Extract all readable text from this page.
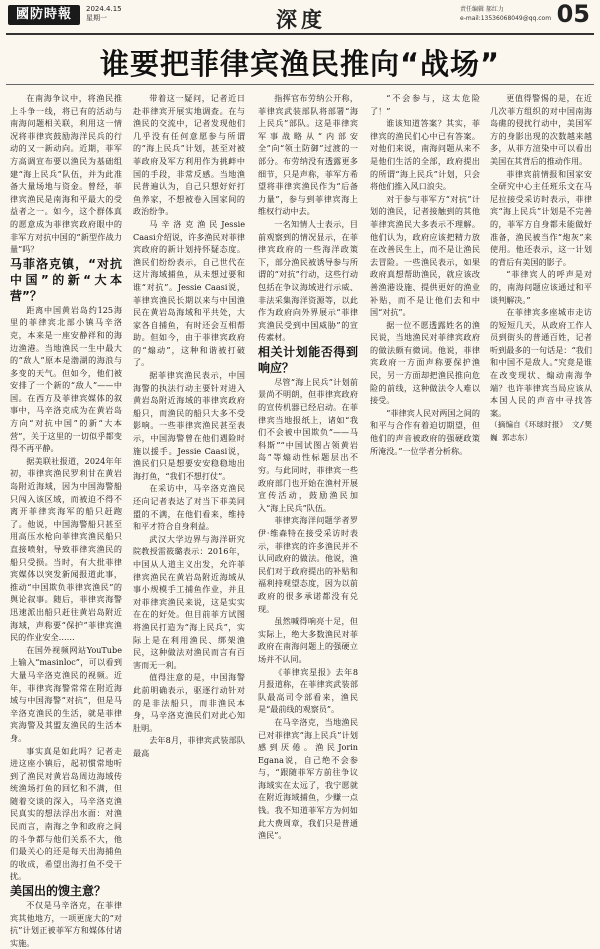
國防時報	2024.4.15
星期一	深度	责任编辑 郝红力
e-mail:13536068049@qq.com 05
谁要把菲律宾渔民推向“战场”

在南海争议中，将渔民推上斗争一线，将已有的活动与南海问题相关联，利用这一情况将菲律宾鼓励海洋民兵的行动的又一新动向。近期，菲军方高调宣布要以渔民为基础组建“海上民兵”队伍，并为此准备大量场地与资金。曾经，菲律宾渔民是南海和平最大的受益者之一。如今，这个群体真的愿意成为菲律宾政府眼中的非军方对抗中国的“新型作战力量”吗？

马菲洛克镇，“对抗中国”的新“大本营”？

距离中国黄岩岛约125海里的菲律宾北部小镇马辛洛克，本来是一座安静祥和的海边渔港。当地渔民一生中最大的“敌人”原本是渤湖的海浪与多变的天气。但如今，他们被安排了一个新的“敌人”——中国。在西方及菲律宾媒体的叙事中，马辛洛克成为在黄岩岛方向“对抗中国”的新“大本营”，关于这里的一切似乎都变得不再平静。

据美联社报道，2024年年初，菲律宾渔民罗利甘在黄岩岛附近海域，因为中国海警船只闯入该区域，而被迫不得不离开菲律宾海军的船只赶跑了。他说，中国海警船只甚至用高压水枪向菲律宾渔民船只直接喷射，导致菲律宾渔民的船只受损。当时，有大批菲律宾媒体以突发新闻报道此事，推动“中国欺负菲律宾渔民”的舆论叙事。随后，菲律宾海警迅速派出船只赶往黄岩岛附近海域，声称要“保护”菲律宾渔民的作业安全……

在国外视频网站YouTube上输入“masinloc”，可以看到大量马辛洛克渔民的视频。近年，菲律宾海警常常在附近海域与中国海警“对抗”，但是马辛洛克渔民的生活，就是菲律宾海警及其盟友渔民的生活本身。

事实真是如此吗？记者走进这座小镇后，起初惯常地听到了渔民对黄岩岛周边海域传统渔场打鱼的回忆和不满，但随着交谈的深入，马辛洛克渔民真实的想法浮出水面：对渔民而言，南海之争和政府之间的斗争都与他们关系不大，他们最关心的还是每天出海捕鱼的收成，希望出海打鱼不受干扰。

美国出的馊主意？

不仅是马辛洛克，在菲律宾其他地方，一项更庞大的“对抗”计划正被菲军方和媒体付诸实施。

带着这一疑问，记者近日赴菲律宾开展实地调查。在与渔民的交流中，记者发现他们几乎没有任何意愿参与所谓的“海上民兵”计划，甚至对被菲政府及军方利用作为挑衅中国的手段，非常反感。当地渔民普遍认为，自己只想好好打鱼养家，不想被卷入国家间的政治纷争。

马辛洛克渔民Jessie Caasi介绍说，许多渔民对菲律宾政府的新计划持怀疑态度。渔民们纷纷表示，自己世代在这片海域捕鱼，从未想过要和谁“对抗”。Jessie Caasi说，菲律宾渔民长期以来与中国渔民在黄岩岛海域和平共处，大家各自捕鱼，有时还会互相帮助。但如今，由于菲律宾政府的“煽动”，这种和谐被打破了。

据菲律宾渔民表示，中国海警的执法行动主要针对进入黄岩岛附近海域的菲律宾政府船只，而渔民的船只大多不受影响。一些菲律宾渔民甚至表示，中国海警曾在他们遇险时施以援手。Jessie Caasi说，渔民们只是想要安安稳稳地出海打鱼，“我们不想打仗”。

在采访中，马辛洛克渔民还向记者表达了对当下菲美同盟的不满，在他们看来，维持和平才符合自身利益。

武汉大学边界与海洋研究院教授雷筱璐表示：2016年，中国从人道主义出发，允许菲律宾渔民在黄岩岛附近海域从事小规模手工捕鱼作业，并且对菲律宾渔民来说，这是实实在在的好处。但目前菲方试图将渔民打造为“海上民兵”，实际上是在利用渔民、绑架渔民，这种做法对渔民而言有百害而无一利。

值得注意的是，中国海警此前明确表示，驱逐行动针对的是非法船只，而非渔民本身，马辛洛克渔民们对此心知肚明。

去年8月，菲律宾武装部队最高

指挥官布劳纳公开称，菲律宾武装部队将部署“海上民兵”部队。这是菲律宾军事战略从“内部安全”向“领土防御”过渡的一部分。布劳纳没有透露更多细节，只是声称，菲军方希望将菲律宾渔民作为“后备力量”，参与到菲律宾海上维权行动中去。

一名知情人士表示，目前观察到的情况显示，在菲律宾政府的一些海洋政策下，部分渔民被诱导参与所谓的“对抗”行动，这些行动包括在争议海域进行示威、非法采集海洋资源等，以此作为政府向外界展示“菲律宾渔民受到中国威胁”的宣传素材。

相关计划能否得到响应？

尽管“海上民兵”计划前景尚不明朗，但菲律宾政府的宣传机器已经启动。在菲律宾当地报纸上，诸如“我们不会被中国欺负”——马科斯”“中国试图占领黄岩岛”等煽动性标题层出不穷。与此同时，菲律宾一些政府部门也开始在渔村开展宣传活动，鼓励渔民加入“海上民兵”队伍。

菲律宾海洋问题学者罗伊·维森特在接受采访时表示，菲律宾的许多渔民并不认同政府的做法。他说，渔民们对于政府提出的补贴和福利持观望态度，因为以前政府的很多承诺都没有兑现。

虽然喊得响亮十足，但实际上，绝大多数渔民对菲政府在南海问题上的强硬立场并不认同。

《菲律宾星报》去年8月报道称，在菲律宾武装部队最高司令部看来，渔民是“最前线的观察员”。

在马辛洛克，当地渔民已对菲律宾“海上民兵”计划感到厌倦。渔民Jorin Egana说，自己绝不会参与，“跟随菲军方前往争议海域实在太远了，我宁愿就在附近海域捕鱼，少赚一点钱。我不知道菲军方为何如此大费周章，我们只是普通渔民”。

“不会参与，这太危险了！”

谁该知道答案？其实，菲律宾的渔民们心中已有答案。对他们来说，南海问题从来不是他们生活的全部，政府提出的所谓“海上民兵”计划，只会将他们推入风口浪尖。

对于参与菲军方“对抗”计划的渔民，记者接触到的其他菲律宾渔民大多表示不理解。他们认为，政府应该把精力放在改善民生上，而不是让渔民去冒险。一些渔民表示，如果政府真想帮助渔民，就应该改善渔港设施、提供更好的渔业补贴，而不是让他们去和中国“对抗”。

据一位不愿透露姓名的渔民说，当地渔民对菲律宾政府的做法颇有微词。他说，菲律宾政府一方面声称要保护渔民，另一方面却把渔民推向危险的前线，这种做法令人难以接受。

“菲律宾人民对两国之间的和平与合作有着迫切期望，但他们的声音被政府的强硬政策所淹没。”一位学者分析称。

更值得警惕的是，在近几次菲方组织的对中国南海岛礁的侵扰行动中，美国军方的身影出现的次数越来越多，从菲方渲染中可以看出美国在其背后的推动作用。

菲律宾前情报和国家安全研究中心主任班乐文在马尼拉接受采访时表示，菲律宾“海上民兵”计划是不完善的，菲军方自身都未能做好准备，渔民被当作“炮灰”来使用。他还表示，这一计划的背后有美国的影子。

“菲律宾人的呼声是对的，南海问题应该通过和平谈判解决。”

在菲律宾多座城市走访的短短几天，从政府工作人员到街头的普通百姓，记者听到最多的一句话是：“我们和中国不是敌人。”究竟是谁在改变现状、煽动南海争端？也许菲律宾当局应该从本国人民的声音中寻找答案。

（摘编自《环球时报》 文/樊巍 郭志东）
